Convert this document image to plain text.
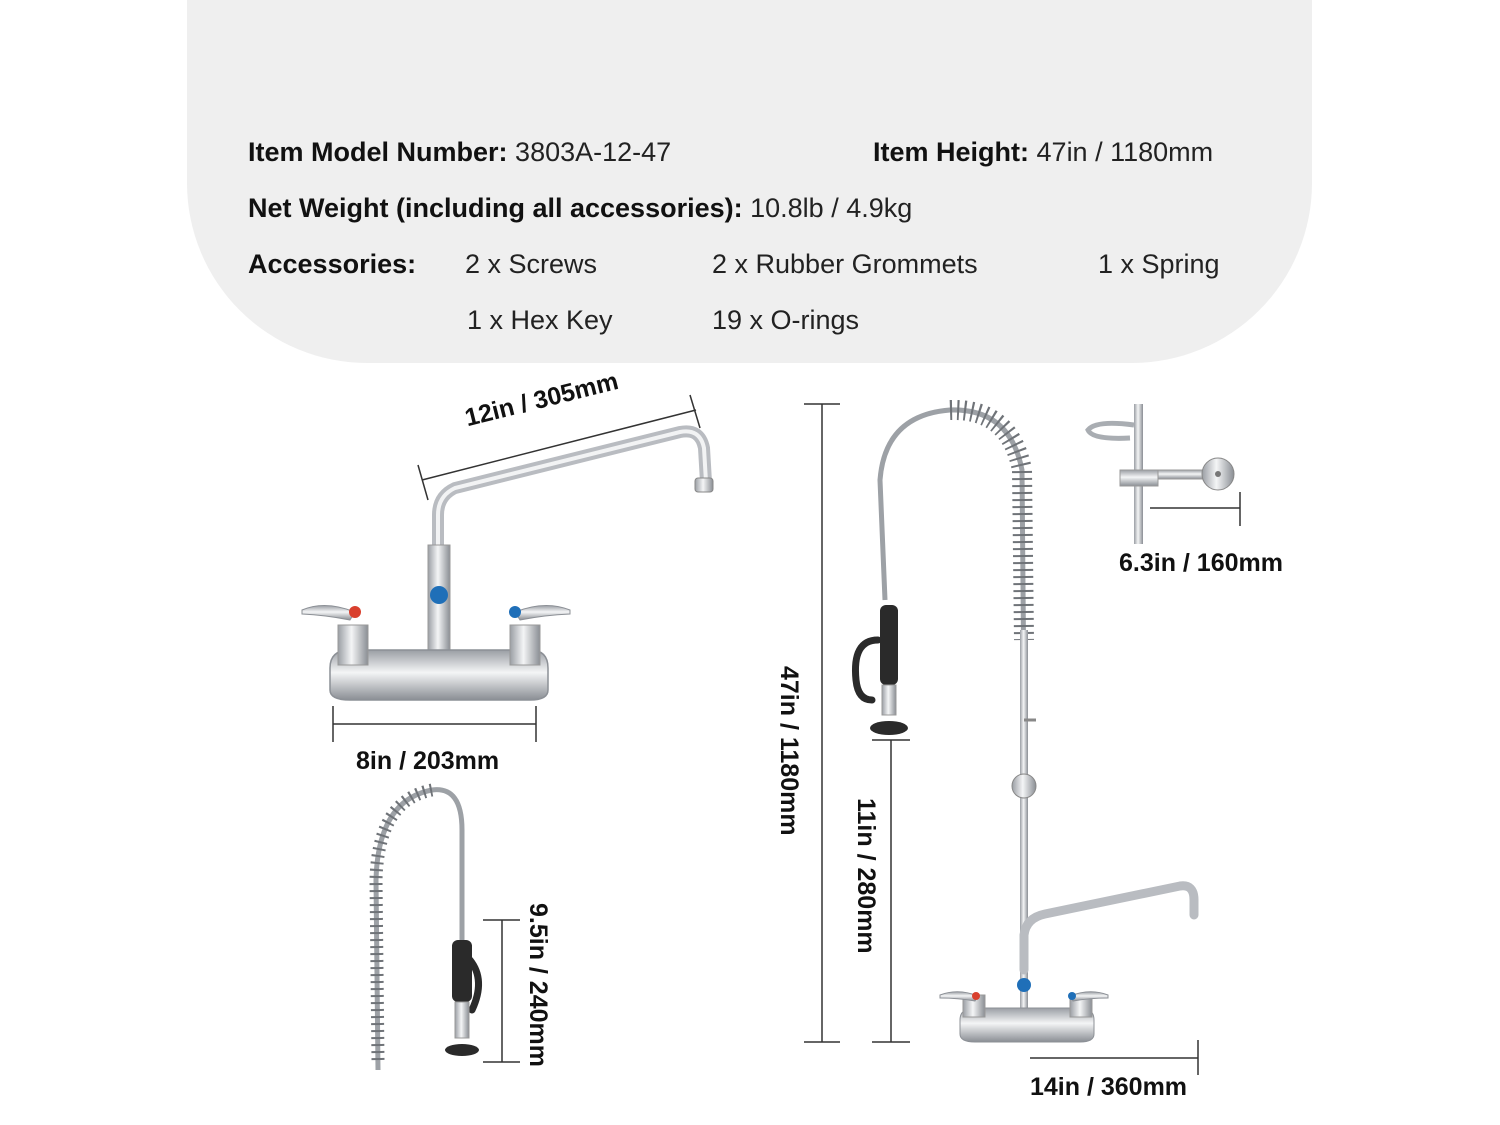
Item Model Number: 3803A-12-47	Item Height: 47in / 1180mm
Net Weight (including all accessories): 10.8lb / 4.9kg
Accessories: 2 x Screws	2 x Rubber Grommets	1 x Spring
1 x Hex Key	19 x O-rings
12in / 305mm
8in / 203mm
9.5in / 240mm
47in / 1180mm
11in / 280mm
14in / 360mm
6.3in / 160mm
